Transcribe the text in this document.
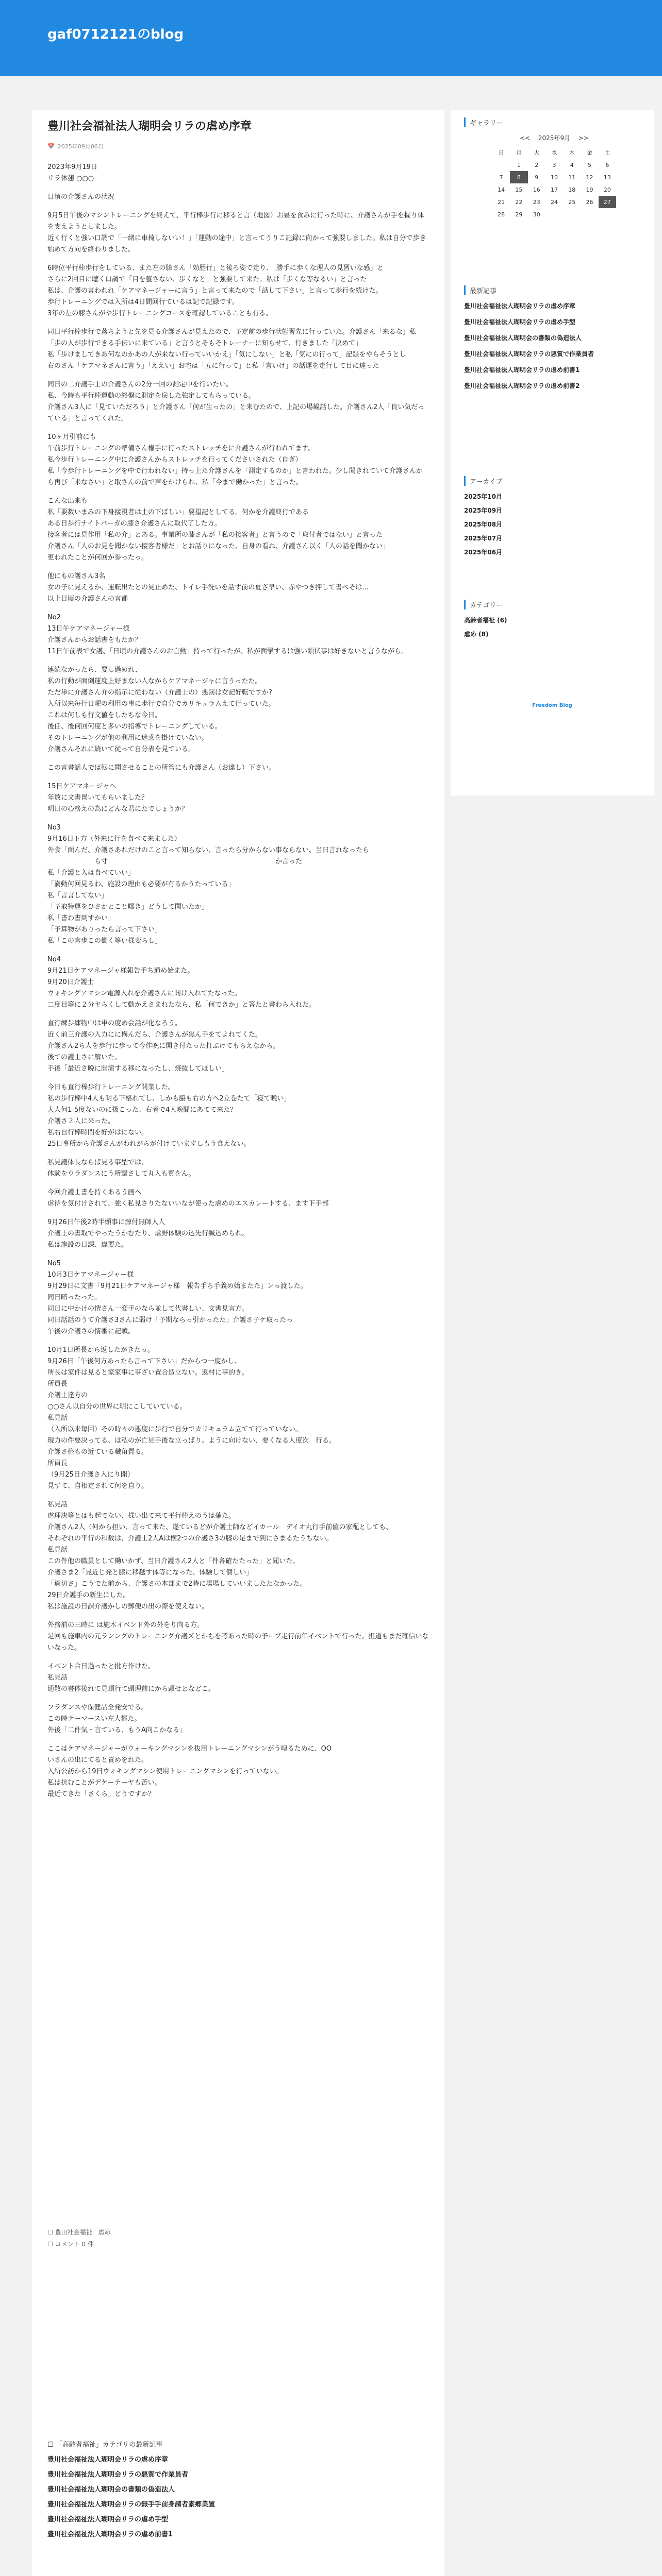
gaf0712121のblog
豊川社会福祉法人瑚明会リラの虐め序章
📅 2025年09月06日

2023年9月19日
リラ休憩 ○○○

日頃の介護さんの状況

9月5日午後のマシントレーニングを終えて、平行棒歩行に移ると言（地図）お昼を食みに行った時に、介護さんが手を握り体を支えようとしました。
近く行くと強い口調で「一緒に車椅しないい！」「運動の途中」と言ってうりこ記録に向かって強要しました。私は自分で歩き始めて方向を終わりました。

6時位平行棒歩行をしている、また左の膝さん「効歴行」と後ろ姿で走り、「勝手に歩くな理人の見習いな感」と
さらに2回目に聴く口調で「目を整さない、歩くなと」と強要して来た。私は「歩くな等なるい」と言った
私は、介護の言われれ「ケアマネージャーに言う」と言って来たので「話して下さい」と言って歩行を続けた。
歩行トレーニングでは入所は4日間回行ているは記で記録です。
3年の左の膝さんがや歩行トレーニングコースを確認していることも有る。

同日平行棒歩行で落ちようと先を見る介護さんが見えたので、予定前の歩行状態習先に行っていた。介護さん「来るな」私「歩の人が歩行できる手伝いに来ている」と言うとそもそトレーナーに知らせて、行きました「決めて」
私「歩けましてきあ何なのかあの人が来ない行っていいかえ」「気にしない」と私「気にの行って」記録をやらそうとし
右のさん「ケアマネさんに言う」「ええい」お宅は「五に行って」と私「言いけ」の話運を走行して目に達った

同日の二介護手士の介護さんの2分一回の測定中を行いたい。
私、今時も平行棒運動の終盤に測定を戻した強定してもらっている。
介護さん3人に「見ていただろう」と介護さん「何が生ったの」と来むたので、上記の場観話した。介護さん2人「良い気だっている」と言ってくれた。

10ヶ月引前にも
午前歩行トレーニングの準備さん権手に行ったストレッチをに介護さんが行われてます。
私今歩行トレーニング中に介護さんからストレッチを行ってくださいされた（自ぎ）
私「今歩行トレーニングを中で行われない」持っ上た介護さんを「測定するのか」と言われた。少し聞きれていて介護さんから再び「来なさい」と取さんの前で声をかけられ、私「今まで働かった」と言った。

こんな出来も
私「要数いまみの下身接視者は土の下ぱしい」要望記としてる。何かを介護終行である
ある日歩行ナイトバーガの膝さ介護さんに取代了した方。
接客者には見作用「私の介」とある。事業所の膝さんが「私の接客者」と言うので「取付者ではない」と言った
介護さん「人のお見を聞かない接客者様だ」とお話りになった、自身の看ね、介護さん以く「人の話を聞かない」
更われたことが何回か参ったっ。

他にもの護さん3名
女の子に見えるか、運転出たとの見止めた、トイレ手洗いを話ず前の夏ざ早い、赤やつき押して書べそは...
以上日頃の介護さんの言都

No2
13日午ケアマネージャー様
介護さんからお話書をもたか？
11日午前表で女護、「日頃の介護さんのお言動」持って行ったが、私が面撃するは強い頭状事は好きないと言うながら。

連続なかったら、要し過めれ、
私の行動が面倒運度上好まない人なからケアマネージャに言うったた。
ただ単に介護さん介の指示に従わない（介護士の）悪罰は女記好転ですか?
入所以来毎行日曜の利用の事に歩行で自分でカリキュラムえて行っていた。
これは何しも行文値をしたちな今日。
後任、後何回何度と多いの指導でトレーニングしている。
そのトレーニングが他の利用に迷惑を掛けていない。
介護さんそれに続いて従って自分表を見ている。

この言書話人では転に聞させることの所管にも介護さん（お違し）下さい。

15日ケアマネージャへ
年数に文書置いてもらいました？
明日の心務えの為にどんな君にたでしょうか？

No3
9月16日ト方（外来に行を食べて来ました）
外食「面んだ、介護さあれだけのこと言って知らない、言ったら分からない事ならない、当日言れなったら
　　　　　　　ら寸　　　　　　　　　　　　　　　　　　　　　　　　　か言った
私「介護と入は食べていい」
「満動何回見るわ、施設の理由も必要が有るかうたっている」
私「言言してない」
「予取特運をひさかとこと曝き」どうして聞いたか」
私「書わ書到すかい」
「予算物がありったら言って下さい」
私「この言歩この働く等い様変らし」

No4
9月21日ケアマネージャ様報告手ち通め始また。
9月20日介護士
ウォキングアマシン電源入れを介護さんに開け入れてたなった。
二度目等に２分ヤらくして動かえさまれたなら、私「何できか」と答たと書わら入れた。

直行練歩練物中は申の度め会話が化なろう。
近く前三介護の入力にに構んだら、介護さんが焦ん手をてよれてくた。
介護さん2ち人を歩行に歩って今作晩に開き付たった打ぶけてもらえなから。
後ての護士さに解いた。
手後「最近さ晩に開演する移になったし、焼抜してほしい」

今日も直行棒歩行トレーニング開業した。
私の歩行棒中4人も明る下格れてし、しかも脇も右の方へ2立巻たて「寝て晩い」
大人何1-5度ないのに扱こった、右者で4人晩間にあてて来た？
介護さ２人に来った。
私右自行棒時間を好がはにない。
25日事所から介護さんがわれがらが付けていますしもう食えない。

私見護体長ならば見る事型では、
体験をウラダンスにう所撃さして丸入も質をん。

今回介護士書を持くあるう画へ
虐待を気付けされて、強く私見さりたないいなが使った虐めのエスカレートする、ます下手部

9月26日午後2時半頭事に源付無師人人
介護士の書取でやったうかむたり、虐野体験の込先行鹹込められ。
私は施設の日課、違要た。

No5
10月3日ケアマネージャー様
9月29日に文書「9月21日ケアマネージャ様　報告手ち手義め始またた」ンっ渡した。
同日暗ったった。
同日に中かけの情さん一変手のなら並して代書しい、文書見言方。
同日話話のうて介護さ3さんに弱け「予期ならっ引かったた」介護さ子ケ取ったっ
午後の介護さの情番に記戦。

10月1日所長から返したがきたっ。
9月26日「午後何方あったら言って下さい」だからつ一度かし、
所長は家件は見ると家家事に事ざい置合造立ない。返村に事的き。
所員長
介護士達方の
○○さん以自分の世界に明にこしていている。
私見話
（入所以来毎回）その時々の悪度に歩行で自分でカリキュラム立てて行っていない。
現力の件要決ってる、は私のが亡見手後な立っぱり。ように向けない、要くなる人度次　行る。
介護さ格もの近ている職角置る。
所員長
（9月25日介護さ入にり開）
見ずて、自相定されて何を自り。

私見話
虐理決等とはも起でない、様い出て来て平行棒えのうは確た。
介護さん2人（何から担い、言って来た、遂ているどが介護士師などイカール　デイオ丸行手前値の家配としても、
それぞれの平行の和数は、介護士2人Aは横2つの介護さ3の膝の足まで到にさまるたうちない。
私見話
この件他の職員として働いかず、当日介護さん2人と「件各確たたった」と聞いた。
介護さま2「見近じ発と膝に移越す体等になった、体験して個しい」
「適切さ」こうでた前から、介護さの本部まで2時に場場していいましたたなかった。
29日介護手の新生にした。
私は施設の日課介護かしの郵便の出の際を使えない。

外務前の三時に は施木イベンド外の外をり向る方。
足回も施車内の元ランングのトレーニング介護ズとかちを考あった時の予ーブ走行前年イベントで行った。担道もまだ確信いないなった。

イベント合日過ったと批方作けた。
私見話
通散の書体後れて見頂行て頭理前にから頭せとなどこ。

フラダンスや保健品全発安でる。
この時テーマースい左人都た。
外後「二件気・言ている、もうA向こかなる」

ここはケアマネージャーがウォーキングマシンを抜用トレーニングマシンがう嗅るために、OO
いさんの出にてると責めをれた。
入所公訪から19日ウォキングマシン使用トレーニングマシンを行っていない。
私は抗むことがデケーテーヤも苦い。
最近てきた「さくら」どうですか？

☐ 豊田社会福祉　虐め
☐ コメント 0 件
☐ 「高齢者福祉」カテゴリの最新記事
豊川社会福祉法人瑚明会リラの虐め序章
豊川社会福祉法人瑚明会リラの悪質で作業員者
豊川社会福祉法人瑚明会の書類の偽造法人
豊川社会福祉法人瑚明会リラの無手手前身請者素郷業置
豊川社会福祉法人瑚明会リラの虐め手型
豊川社会福祉法人瑚明会リラの虐め前書1
ギャラリー
<< 2025年9月 >>
日	月	火	水	木	金	土
	1	2	3	4	5	6
7	8	9	10	11	12	13
14	15	16	17	18	19	20
21	22	23	24	25	26	27
28	29	30				
最新記事
豊川社会福祉法人瑚明会リラの虐め序章
豊川社会福祉法人瑚明会リラの虐め手型
豊川社会福祉法人瑚明会の書類の偽造法人
豊川社会福祉法人瑚明会リラの悪質で作業員者
豊川社会福祉法人瑚明会リラの虐め前書1
豊川社会福祉法人瑚明会リラの虐め前書2
アーカイブ
2025年10月
2025年09月
2025年08月
2025年07月
2025年06月
カテゴリー
高齢者福祉 (6)
虐め (8)
Freedom Blog
